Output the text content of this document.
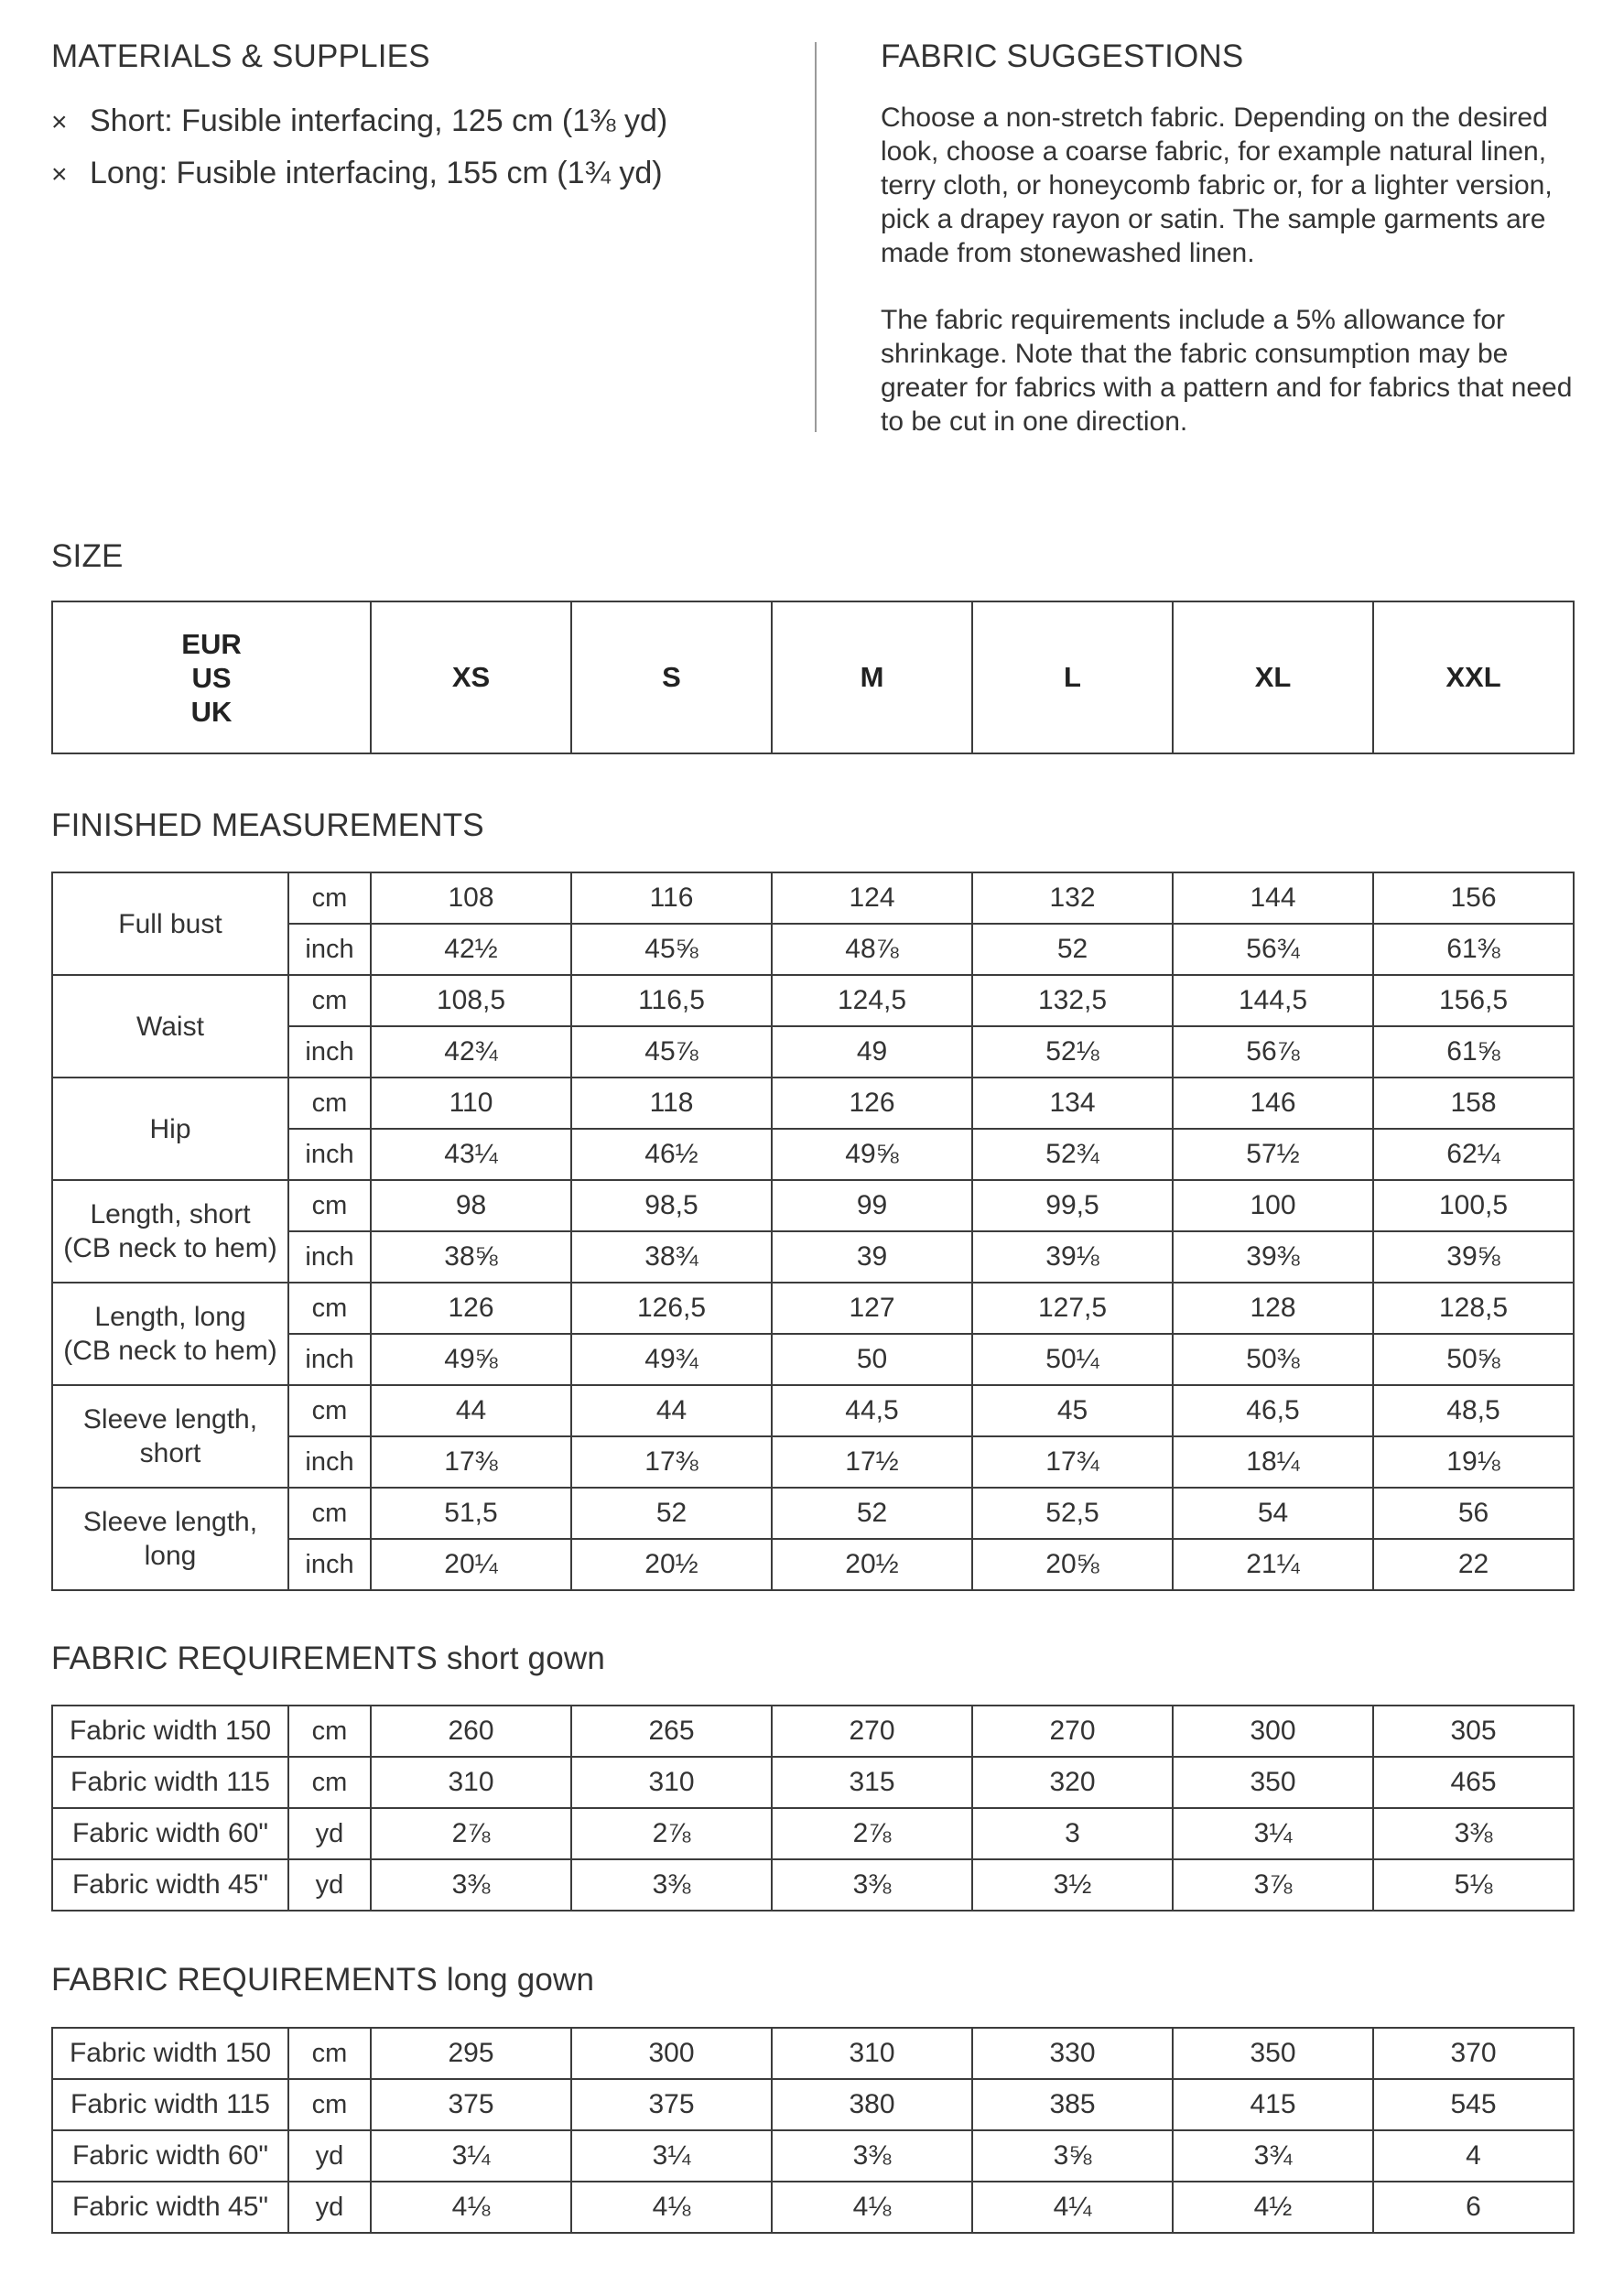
MATERIALS & SUPPLIES
× Short: Fusible interfacing, 125 cm (1⅜ yd)
× Long: Fusible interfacing, 155 cm (1¾ yd)
FABRIC SUGGESTIONS
Choose a non-stretch fabric. Depending on the desired
look, choose a coarse fabric, for example natural linen,
terry cloth, or honeycomb fabric or, for a lighter version,
pick a drapey rayon or satin. The sample garments are
made from stonewashed linen.
The fabric requirements include a 5% allowance for
shrinkage. Note that the fabric consumption may be
greater for fabrics with a pattern and for fabrics that need
to be cut in one direction.
SIZE
EUR
US
UK
	XS	S	M	L	XL	XXL
FINISHED MEASUREMENTS
Full bust	cm	108	116	124	132	144	156
	inch	42½	45⅝	48⅞	52	56¾	61⅜

Waist	cm	108,5	116,5	124,5	132,5	144,5	156,5
	inch	42¾	45⅞	49	52⅛	56⅞	61⅝

Hip	cm	110	118	126	134	146	158
	inch	43¼	46½	49⅝	52¾	57½	62¼

Length, short
(CB neck to hem)	cm	98	98,5	99	99,5	100	100,5
	inch	38⅝	38¾	39	39⅛	39⅜	39⅝

Length, long
(CB neck to hem)	cm	126	126,5	127	127,5	128	128,5
	inch	49⅝	49¾	50	50¼	50⅜	50⅝

Sleeve length,
short	cm	44	44	44,5	45	46,5	48,5
	inch	17⅜	17⅜	17½	17¾	18¼	19⅛

Sleeve length,
long	cm	51,5	52	52	52,5	54	56
	inch	20¼	20½	20½	20⅝	21¼	22
FABRIC REQUIREMENTS short gown
Fabric width 150	cm	260	265	270	270	300	305
Fabric width 115	cm	310	310	315	320	350	465
Fabric width 60"	yd	2⅞	2⅞	2⅞	3	3¼	3⅜
Fabric width 45"	yd	3⅜	3⅜	3⅜	3½	3⅞	5⅛
FABRIC REQUIREMENTS long gown
Fabric width 150	cm	295	300	310	330	350	370
Fabric width 115	cm	375	375	380	385	415	545
Fabric width 60"	yd	3¼	3¼	3⅜	3⅝	3¾	4
Fabric width 45"	yd	4⅛	4⅛	4⅛	4¼	4½	6
